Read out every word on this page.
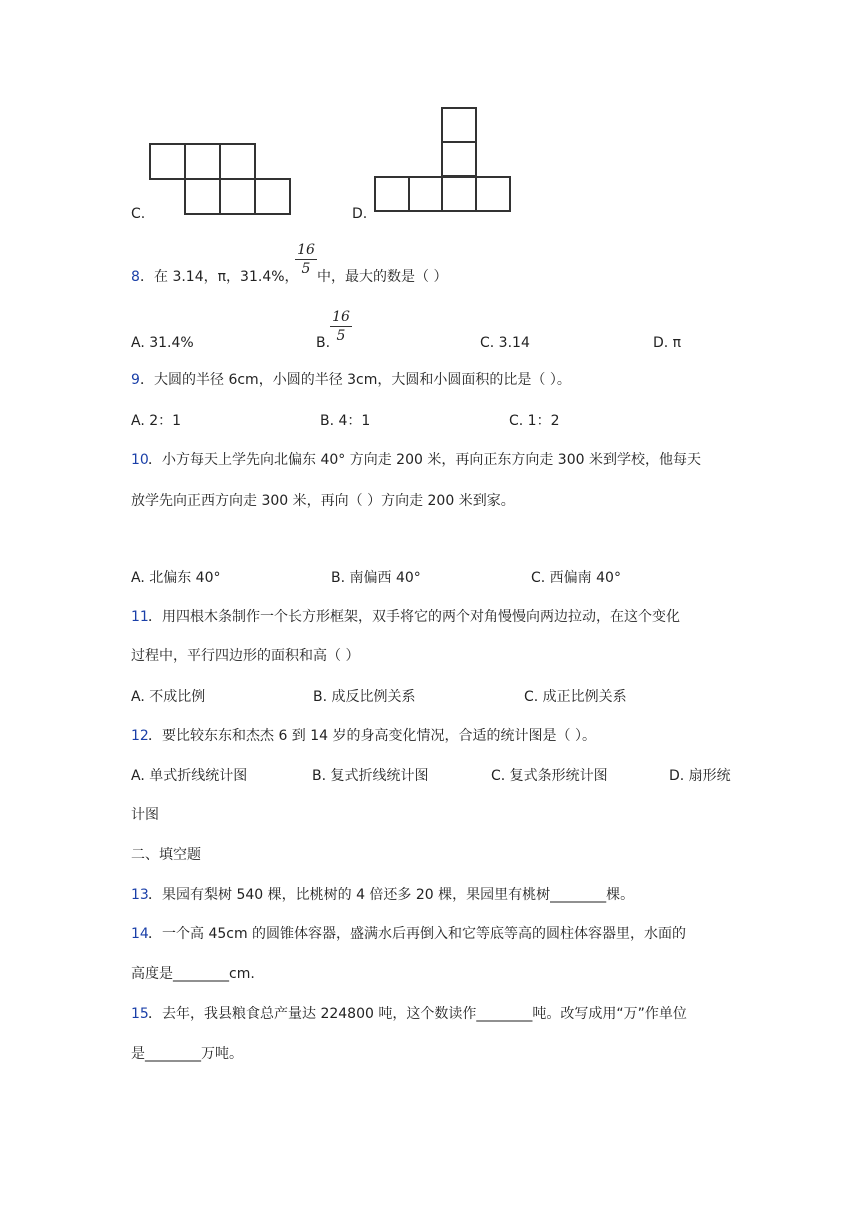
C.	D.
8 ．在 3.14，π，31.4%，
16
5 中，最大的数是（ ）
A. 31.4%	B.
16
5	C. 3.14	D. π
9 ．大圆的半径 6cm，小圆的半径 3cm，大圆和小圆面积的比是（ ）。
A. 2：1	B. 4：1	C. 1：2
10 ．小方每天上学先向北偏东 40° 方向走 200 米，再向正东方向走 300 米到学校，他每天
放学先向正西方向走 300 米，再向（ ）方向走 200 米到家。
A. 北偏东 40°	B. 南偏西 40°	C. 西偏南 40°
11 ．用四根木条制作一个长方形框架，双手将它的两个对角慢慢向两边拉动，在这个变化
过程中，平行四边形的面积和高（ ）
A. 不成比例	B. 成反比例关系	C. 成正比例关系
12 ．要比较东东和杰杰 6 到 14 岁的身高变化情况，合适的统计图是（ ）。
A. 单式折线统计图	B. 复式折线统计图	C. 复式条形统计图	D. 扇形统
计图
二、填空题
13 ．果园有梨树 540 棵，比桃树的 4 倍还多 20 棵，果园里有桃树________棵。
14 ．一个高 45cm 的圆锥体容器，盛满水后再倒入和它等底等高的圆柱体容器里，水面的
高度是________cm.
15 ．去年，我县粮食总产量达 224800 吨，这个数读作________吨。改写成用“万”作单位
是________万吨。
